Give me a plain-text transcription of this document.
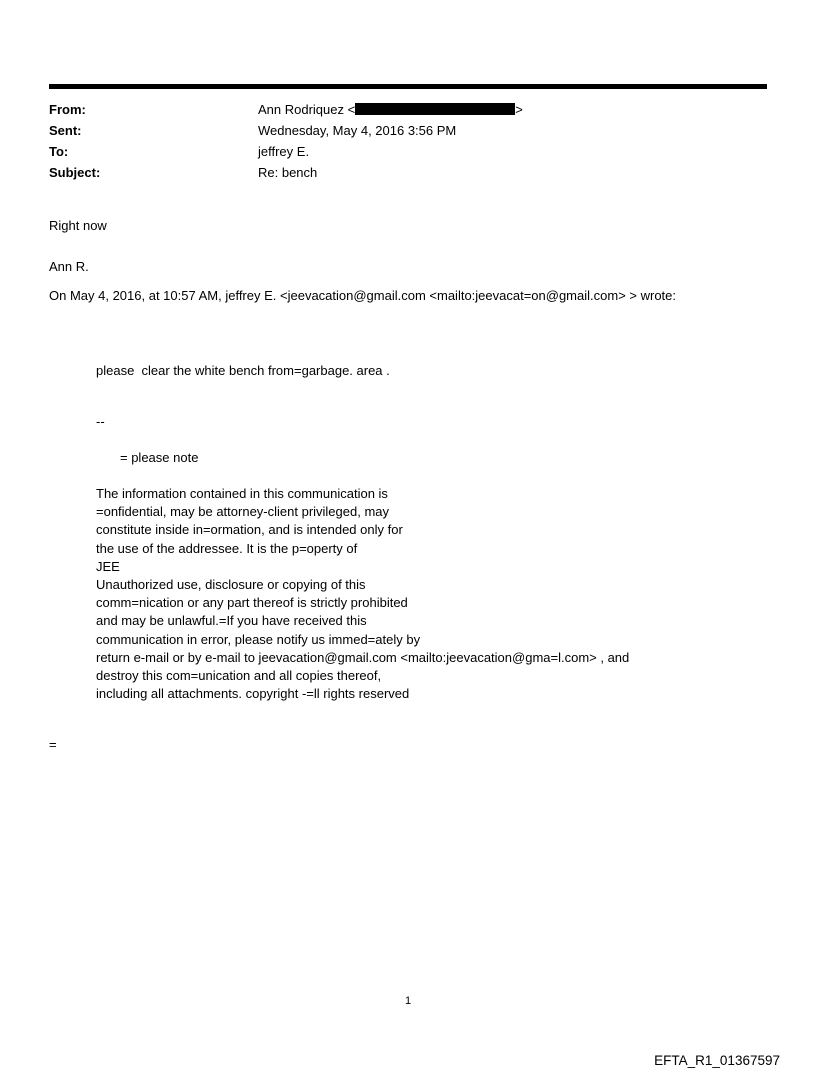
From:	Ann Rodriquez <	>
Sent:	Wednesday, May 4, 2016 3:56 PM
To:	jeffrey E.
Subject:	Re: bench
Right now
Ann R.
On May 4, 2016, at 10:57 AM, jeffrey E. <jeevacation@gmail.com <mailto:jeevacat=on@gmail.com> > wrote:
please  clear the white bench from=garbage. area .
--
= please note
The information contained in this communication is
=onfidential, may be attorney-client privileged, may
constitute inside in=ormation, and is intended only for
the use of the addressee. It is the p=operty of
JEE
Unauthorized use, disclosure or copying of this
comm=nication or any part thereof is strictly prohibited
and may be unlawful.=If you have received this
communication in error, please notify us immed=ately by
return e-mail or by e-mail to jeevacation@gmail.com <mailto:jeevacation@gma=l.com> , and
destroy this com=unication and all copies thereof,
including all attachments. copyright -=ll rights reserved
=
1
EFTA_R1_01367597
